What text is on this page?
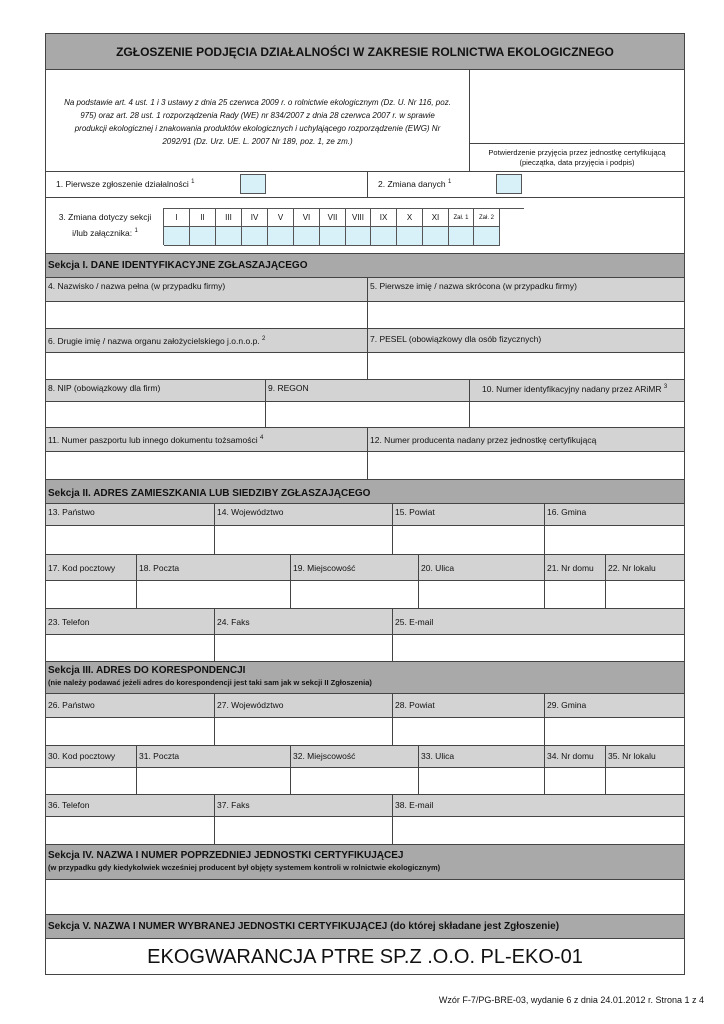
ZGŁOSZENIE PODJĘCIA DZIAŁALNOŚCI W ZAKRESIE ROLNICTWA EKOLOGICZNEGO
Na podstawie art. 4 ust. 1 i 3 ustawy z dnia 25 czerwca 2009 r. o rolnictwie ekologicznym (Dz. U. Nr 116, poz. 975) oraz art. 28 ust. 1 rozporządzenia Rady (WE) nr 834/2007 z dnia 28 czerwca 2007 r. w sprawie produkcji ekologicznej i znakowania produktów ekologicznych i uchylającego rozporządzenie (EWG) Nr 2092/91 (Dz. Urz. UE. L. 2007 Nr 189, poz. 1, ze zm.)
Potwierdzenie przyjęcia przez jednostkę certyfikującą (pieczątka, data przyjęcia i podpis)
1. Pierwsze zgłoszenie działalności $^1$	2. Zmiana danych $^1$
3. Zmiana dotyczy sekcji
i/lub załącznika: $^1$
I	II	III	IV	V	VI	VII	VIII	IX	X	XI	Zał. 1	Zał. 2
Sekcja I. DANE IDENTYFIKACYJNE ZGŁASZAJĄCEGO
4. Nazwisko / nazwa pełna (w przypadku firmy)	5. Pierwsze imię / nazwa skrócona (w przypadku firmy)
6. Drugie imię / nazwa organu założycielskiego j.o.n.o.p. $^2$	7. PESEL (obowiązkowy dla osób fizycznych)
8. NIP (obowiązkowy dla firm)	9. REGON	10. Numer identyfikacyjny nadany przez ARiMR $^3$
11. Numer paszportu lub innego dokumentu tożsamości $^4$	12. Numer producenta nadany przez jednostkę certyfikującą
Sekcja II. ADRES ZAMIESZKANIA LUB SIEDZIBY ZGŁASZAJĄCEGO
13. Państwo	14. Województwo	15. Powiat	16. Gmina
17. Kod pocztowy	18. Poczta	19. Miejscowość	20. Ulica	21. Nr domu	22. Nr lokalu
23. Telefon	24. Faks	25. E-mail
Sekcja III. ADRES DO KORESPONDENCJI
(nie należy podawać jeżeli adres do korespondencji jest taki sam jak w sekcji II Zgłoszenia)
26. Państwo	27. Województwo	28. Powiat	29. Gmina
30. Kod pocztowy	31. Poczta	32. Miejscowość	33. Ulica	34. Nr domu	35. Nr lokalu
36. Telefon	37. Faks	38. E-mail
Sekcja IV. NAZWA I NUMER POPRZEDNIEJ JEDNOSTKI CERTYFIKUJĄCEJ
(w przypadku gdy kiedykolwiek wcześniej producent był objęty systemem kontroli w rolnictwie ekologicznym)
Sekcja V. NAZWA I NUMER WYBRANEJ JEDNOSTKI CERTYFIKUJĄCEJ (do której składane jest Zgłoszenie)
EKOGWARANCJA PTRE SP.Z .O.O. PL-EKO-01
Wzór F-7/PG-BRE-03, wydanie 6 z dnia 24.01.2012 r. Strona 1 z 4
